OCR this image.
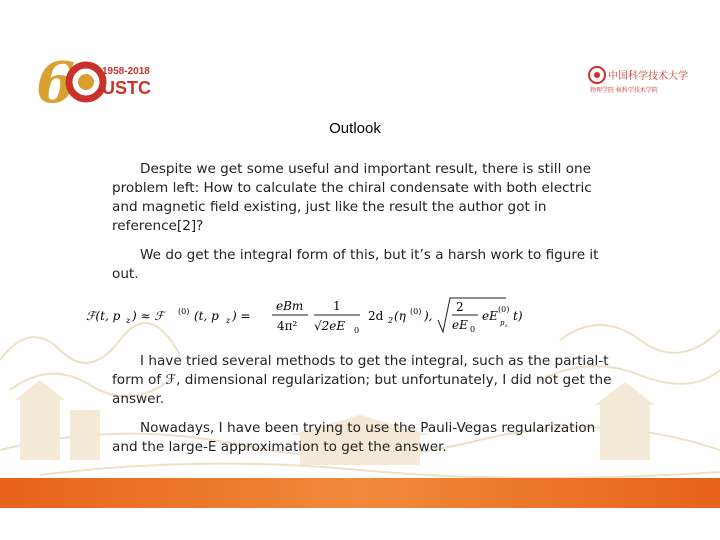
6	1958-2018
USTC
中国科学技术大学
物理学院 核科学技术学院
Outlook

Despite we get some useful and important result, there is still one problem left: How to calculate the chiral condensate with both electric and magnetic field existing, just like the result the author got in reference[2]?

We do get the integral form of this, but it’s a harsh work to figure it out.

ℱ(t, p z ) ≈ ℱ	(0) (t, p z ) =
eBm
4π²
1
√2eE 0
2d 2 (η (0) ),
2
eE 0
eE (0)
p z
t)

I have tried several methods to get the integral, such as the partial-t form of ℱ, dimensional regularization; but unfortunately, I did not get the answer.

Nowadays, I have been trying to use the Pauli-Vegas regularization and the large-E approximation to get the answer.
